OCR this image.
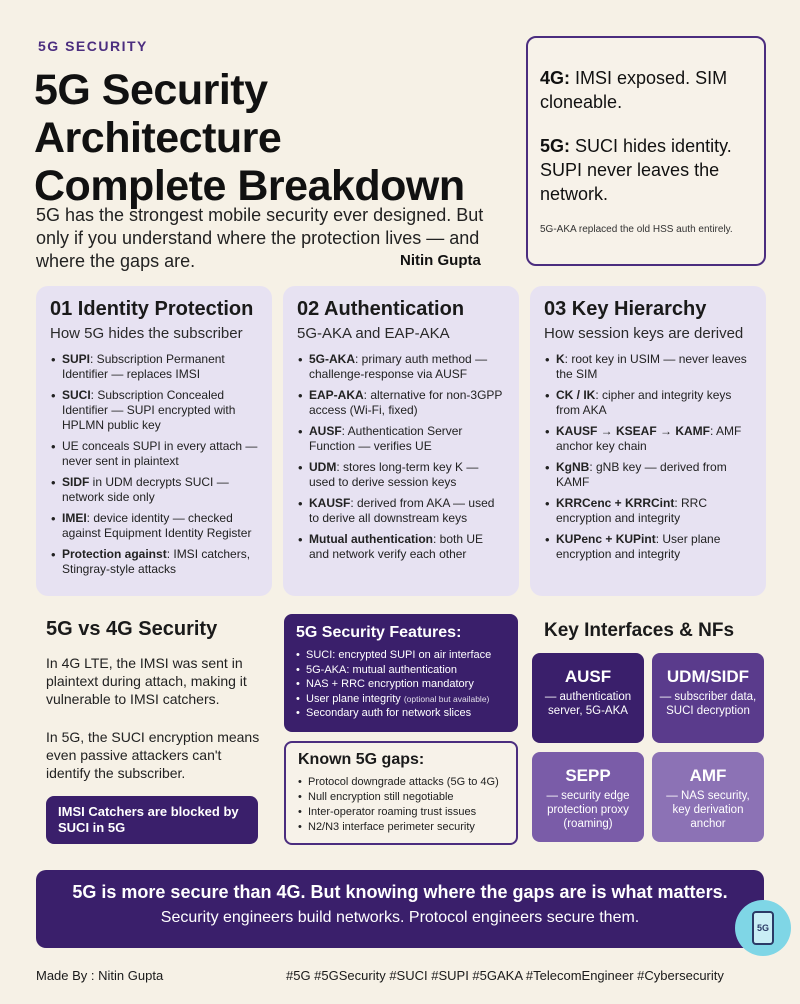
5G SECURITY
5G Security
Architecture
Complete Breakdown
5G has the strongest mobile security ever designed. But only if you understand where the protection lives — and where the gaps are.	Nitin Gupta

4G: IMSI exposed. SIM cloneable.

5G: SUCI hides identity. SUPI never leaves the network.

5G-AKA replaced the old HSS auth entirely.

01 Identity Protection
How 5G hides the subscriber
• SUPI: Subscription Permanent Identifier — replaces IMSI
• SUCI: Subscription Concealed Identifier — SUPI encrypted with HPLMN public key
• UE conceals SUPI in every attach — never sent in plaintext
• SIDF in UDM decrypts SUCI — network side only
• IMEI: device identity — checked against Equipment Identity Register
• Protection against: IMSI catchers, Stingray-style attacks
02 Authentication
5G-AKA and EAP-AKA
• 5G-AKA: primary auth method — challenge-response via AUSF
• EAP-AKA: alternative for non-3GPP access (Wi-Fi, fixed)
• AUSF: Authentication Server Function — verifies UE
• UDM: stores long-term key K — used to derive session keys
• KAUSF: derived from AKA — used to derive all downstream keys
• Mutual authentication: both UE and network verify each other
03 Key Hierarchy
How session keys are derived
• K: root key in USIM — never leaves the SIM
• CK / IK: cipher and integrity keys from AKA
• KAUSF → KSEAF → KAMF: AMF anchor key chain
• KgNB: gNB key — derived from KAMF
• KRRCenc + KRRCint: RRC encryption and integrity
• KUPenc + KUPint: User plane encryption and integrity
5G vs 4G Security
In 4G LTE, the IMSI was sent in plaintext during attach, making it vulnerable to IMSI catchers.
In 5G, the SUCI encryption means even passive attackers can't identify the subscriber.
IMSI Catchers are blocked by SUCI in 5G
5G Security Features:
• SUCI: encrypted SUPI on air interface
• 5G-AKA: mutual authentication
• NAS + RRC encryption mandatory
• User plane integrity (optional but available)
• Secondary auth for network slices
Known 5G gaps:
• Protocol downgrade attacks (5G to 4G)
• Null encryption still negotiable
• Inter-operator roaming trust issues
• N2/N3 interface perimeter security
Key Interfaces & NFs
AUSF
— authentication server, 5G-AKA
UDM/SIDF
— subscriber data, SUCI decryption
SEPP
— security edge protection proxy (roaming)
AMF
— NAS security, key derivation anchor
5G is more secure than 4G. But knowing where the gaps are is what matters.
Security engineers build networks. Protocol engineers secure them.
5G
Made By : Nitin Gupta	#5G #5GSecurity #SUCI #SUPI #5GAKA #TelecomEngineer #Cybersecurity
